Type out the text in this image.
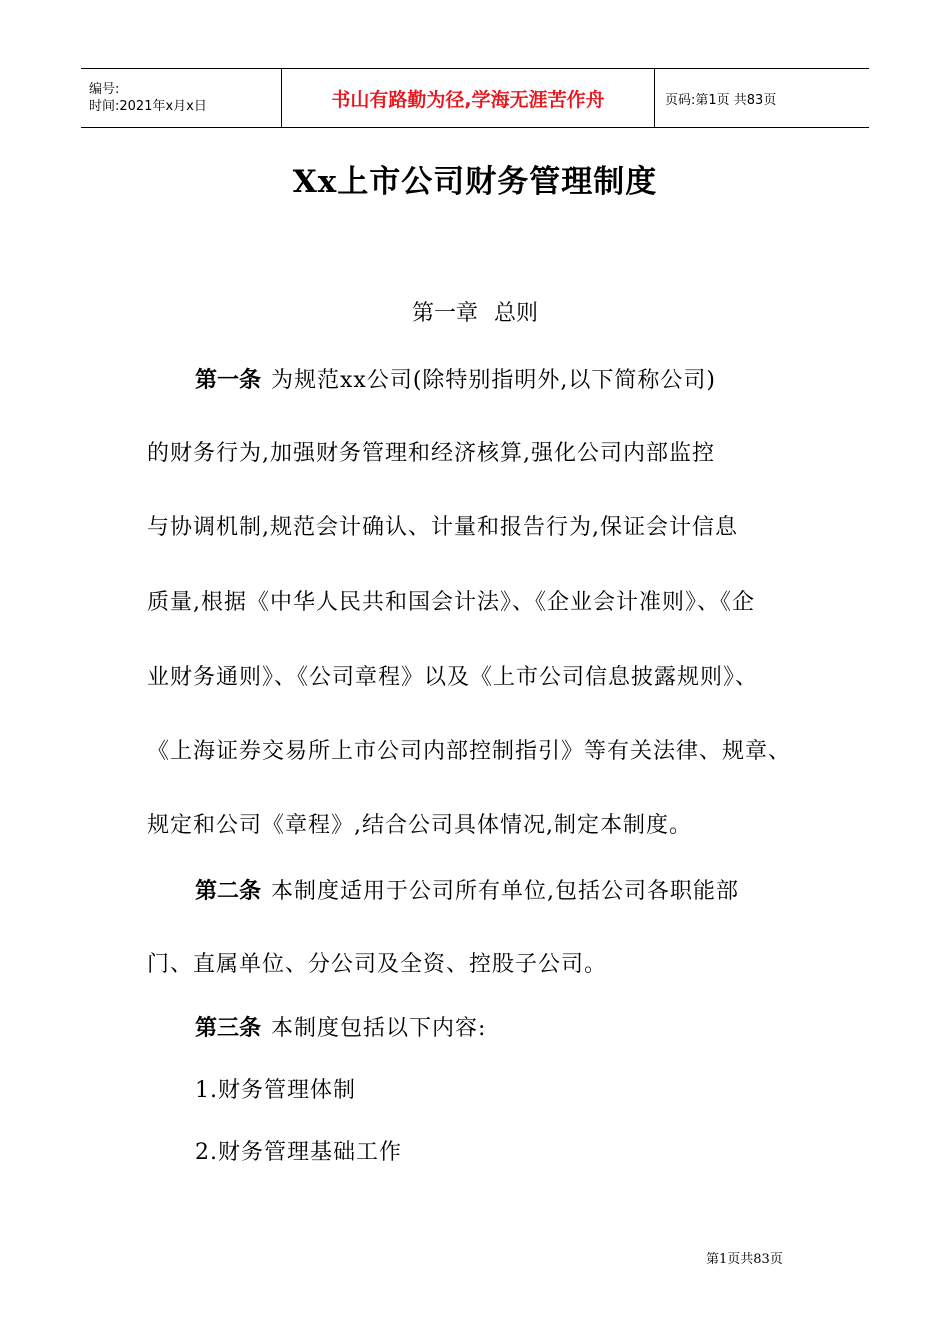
编号:
时间:2021年x月x日	书山有路勤为径,学海无涯苦作舟	页码:第1页 共83页
Xx上市公司财务管理制度
第一章 总则
第一条 为规范xx公司(除特别指明外,以下简称公司)
的财务行为,加强财务管理和经济核算,强化公司内部监控
与协调机制,规范会计确认、计量和报告行为,保证会计信息
质量,根据《中华人民共和国会计法》、《企业会计准则》、《企
业财务通则》、《公司章程》以及《上市公司信息披露规则》、
《上海证券交易所上市公司内部控制指引》等有关法律、规章、
规定和公司《章程》,结合公司具体情况,制定本制度。
第二条 本制度适用于公司所有单位,包括公司各职能部
门、直属单位、分公司及全资、控股子公司。
第三条 本制度包括以下内容:
1.财务管理体制
2.财务管理基础工作
第1页共83页
